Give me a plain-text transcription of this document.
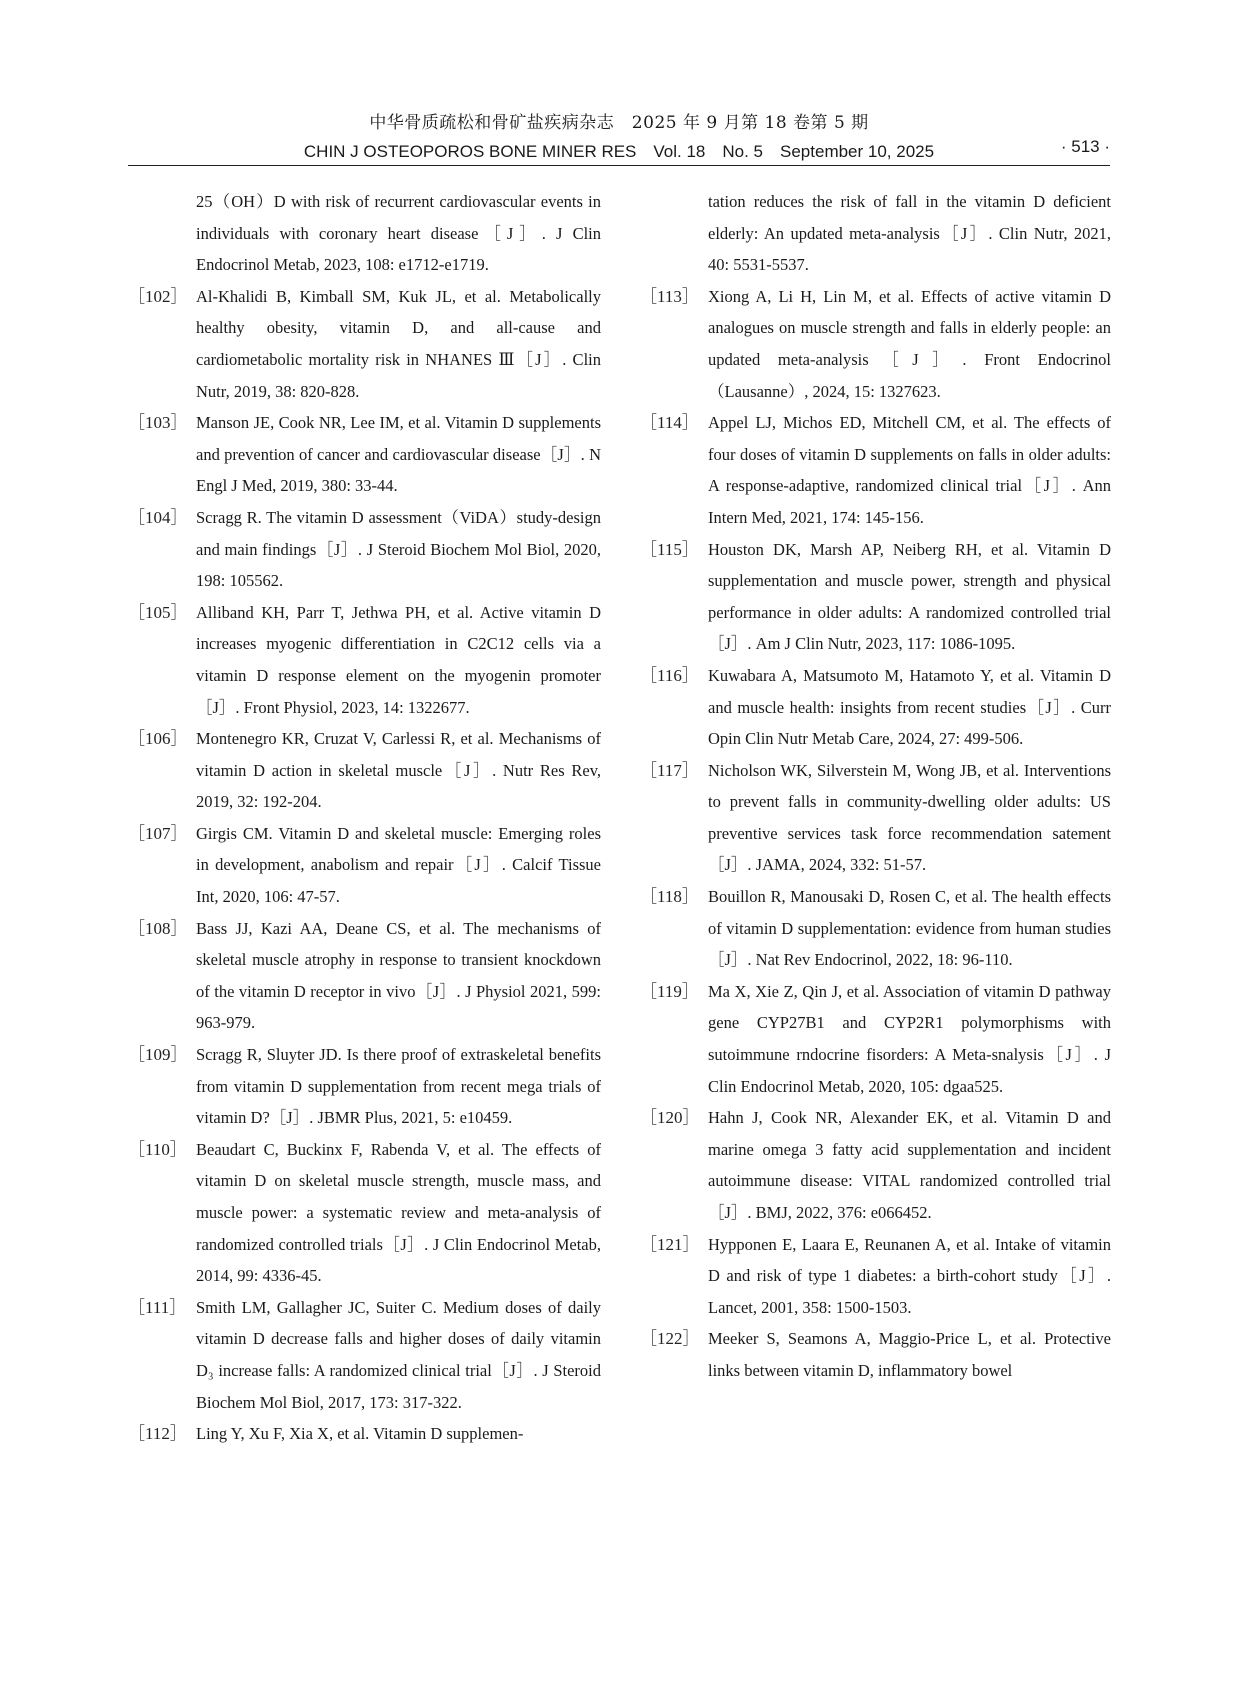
中华骨质疏松和骨矿盐疾病杂志　2025 年 9 月第 18 卷第 5 期
CHIN J OSTEOPOROS BONE MINER RES　Vol. 18　No. 5　September 10, 2025	· 513 ·
25（OH）D with risk of recurrent cardiovascular events in individuals with coronary heart disease［J］. J Clin Endocrinol Metab, 2023, 108: e1712-e1719.
［102］ Al-Khalidi B, Kimball SM, Kuk JL, et al. Metabolically healthy obesity, vitamin D, and all-cause and cardiometabolic mortality risk in NHANES Ⅲ［J］. Clin Nutr, 2019, 38: 820-828.
［103］ Manson JE, Cook NR, Lee IM, et al. Vitamin D supplements and prevention of cancer and cardiovascular disease［J］. N Engl J Med, 2019, 380: 33-44.
［104］ Scragg R. The vitamin D assessment（ViDA）study-design and main findings［J］. J Steroid Biochem Mol Biol, 2020, 198: 105562.
［105］ Alliband KH, Parr T, Jethwa PH, et al. Active vitamin D increases myogenic differentiation in C2C12 cells via a vitamin D response element on the myogenin promoter［J］. Front Physiol, 2023, 14: 1322677.
［106］ Montenegro KR, Cruzat V, Carlessi R, et al. Mechanisms of vitamin D action in skeletal muscle［J］. Nutr Res Rev, 2019, 32: 192-204.
［107］ Girgis CM. Vitamin D and skeletal muscle: Emerging roles in development, anabolism and repair［J］. Calcif Tissue Int, 2020, 106: 47-57.
［108］ Bass JJ, Kazi AA, Deane CS, et al. The mechanisms of skeletal muscle atrophy in response to transient knockdown of the vitamin D receptor in vivo［J］. J Physiol 2021, 599: 963-979.
［109］ Scragg R, Sluyter JD. Is there proof of extraskeletal benefits from vitamin D supplementation from recent mega trials of vitamin D?［J］. JBMR Plus, 2021, 5: e10459.
［110］ Beaudart C, Buckinx F, Rabenda V, et al. The effects of vitamin D on skeletal muscle strength, muscle mass, and muscle power: a systematic review and meta-analysis of randomized controlled trials［J］. J Clin Endocrinol Metab, 2014, 99: 4336-45.
［111］ Smith LM, Gallagher JC, Suiter C. Medium doses of daily vitamin D decrease falls and higher doses of daily vitamin D₃ increase falls: A randomized clinical trial［J］. J Steroid Biochem Mol Biol, 2017, 173: 317-322.
［112］ Ling Y, Xu F, Xia X, et al. Vitamin D supplemen-
tation reduces the risk of fall in the vitamin D deficient elderly: An updated meta-analysis［J］. Clin Nutr, 2021, 40: 5531-5537.
［113］ Xiong A, Li H, Lin M, et al. Effects of active vitamin D analogues on muscle strength and falls in elderly people: an updated meta-analysis［J］. Front Endocrinol（Lausanne）, 2024, 15: 1327623.
［114］ Appel LJ, Michos ED, Mitchell CM, et al. The effects of four doses of vitamin D supplements on falls in older adults: A response-adaptive, randomized clinical trial［J］. Ann Intern Med, 2021, 174: 145-156.
［115］ Houston DK, Marsh AP, Neiberg RH, et al. Vitamin D supplementation and muscle power, strength and physical performance in older adults: A randomized controlled trial［J］. Am J Clin Nutr, 2023, 117: 1086-1095.
［116］ Kuwabara A, Matsumoto M, Hatamoto Y, et al. Vitamin D and muscle health: insights from recent studies［J］. Curr Opin Clin Nutr Metab Care, 2024, 27: 499-506.
［117］ Nicholson WK, Silverstein M, Wong JB, et al. Interventions to prevent falls in community-dwelling older adults: US preventive services task force recommendation satement［J］. JAMA, 2024, 332: 51-57.
［118］ Bouillon R, Manousaki D, Rosen C, et al. The health effects of vitamin D supplementation: evidence from human studies［J］. Nat Rev Endocrinol, 2022, 18: 96-110.
［119］ Ma X, Xie Z, Qin J, et al. Association of vitamin D pathway gene CYP27B1 and CYP2R1 polymorphisms with sutoimmune rndocrine fisorders: A Meta-snalysis［J］. J Clin Endocrinol Metab, 2020, 105: dgaa525.
［120］ Hahn J, Cook NR, Alexander EK, et al. Vitamin D and marine omega 3 fatty acid supplementation and incident autoimmune disease: VITAL randomized controlled trial［J］. BMJ, 2022, 376: e066452.
［121］ Hypponen E, Laara E, Reunanen A, et al. Intake of vitamin D and risk of type 1 diabetes: a birth-cohort study［J］. Lancet, 2001, 358: 1500-1503.
［122］ Meeker S, Seamons A, Maggio-Price L, et al. Protective links between vitamin D, inflammatory bowel
